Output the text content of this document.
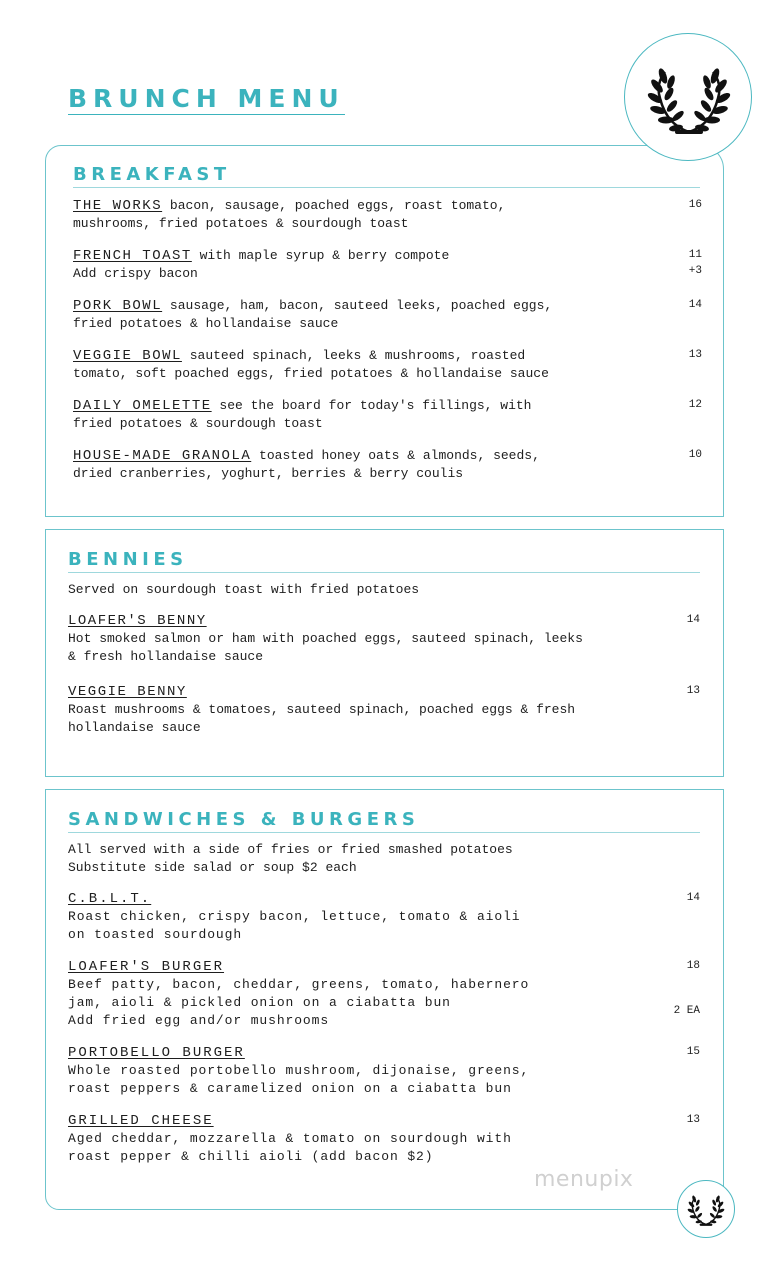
BRUNCH MENU
BREAKFAST
THE WORKS bacon, sausage, poached eggs, roast tomato,
mushrooms, fried potatoes & sourdough toast
16
FRENCH TOAST with maple syrup & berry compote
Add crispy bacon
11
+3
PORK BOWL sausage, ham, bacon, sauteed leeks, poached eggs,
fried potatoes & hollandaise sauce
14
VEGGIE BOWL sauteed spinach, leeks & mushrooms, roasted
tomato, soft poached eggs, fried potatoes & hollandaise sauce
13
DAILY OMELETTE see the board for today's fillings, with
fried potatoes & sourdough toast
12
HOUSE-MADE GRANOLA toasted honey oats & almonds, seeds,
dried cranberries, yoghurt, berries & berry coulis
10
BENNIES
Served on sourdough toast with fried potatoes
LOAFER'S BENNY
Hot smoked salmon or ham with poached eggs, sauteed spinach, leeks
& fresh hollandaise sauce
14
VEGGIE BENNY
Roast mushrooms & tomatoes, sauteed spinach, poached eggs & fresh
hollandaise sauce
13
SANDWICHES & BURGERS
All served with a side of fries or fried smashed potatoes
Substitute side salad or soup $2 each
C.B.L.T.
Roast chicken, crispy bacon, lettuce, tomato & aioli
on toasted sourdough
LOAFER'S BURGER
Beef patty, bacon, cheddar, greens, tomato, habernero
jam, aioli & pickled onion on a ciabatta bun
Add fried egg and/or mushrooms
PORTOBELLO BURGER
Whole roasted portobello mushroom, dijonaise, greens,
roast peppers & caramelized onion on a ciabatta bun
GRILLED CHEESE
Aged cheddar, mozzarella & tomato on sourdough with
roast pepper & chilli aioli (add bacon $2)
14
18
2 EA
15
13
menupix
